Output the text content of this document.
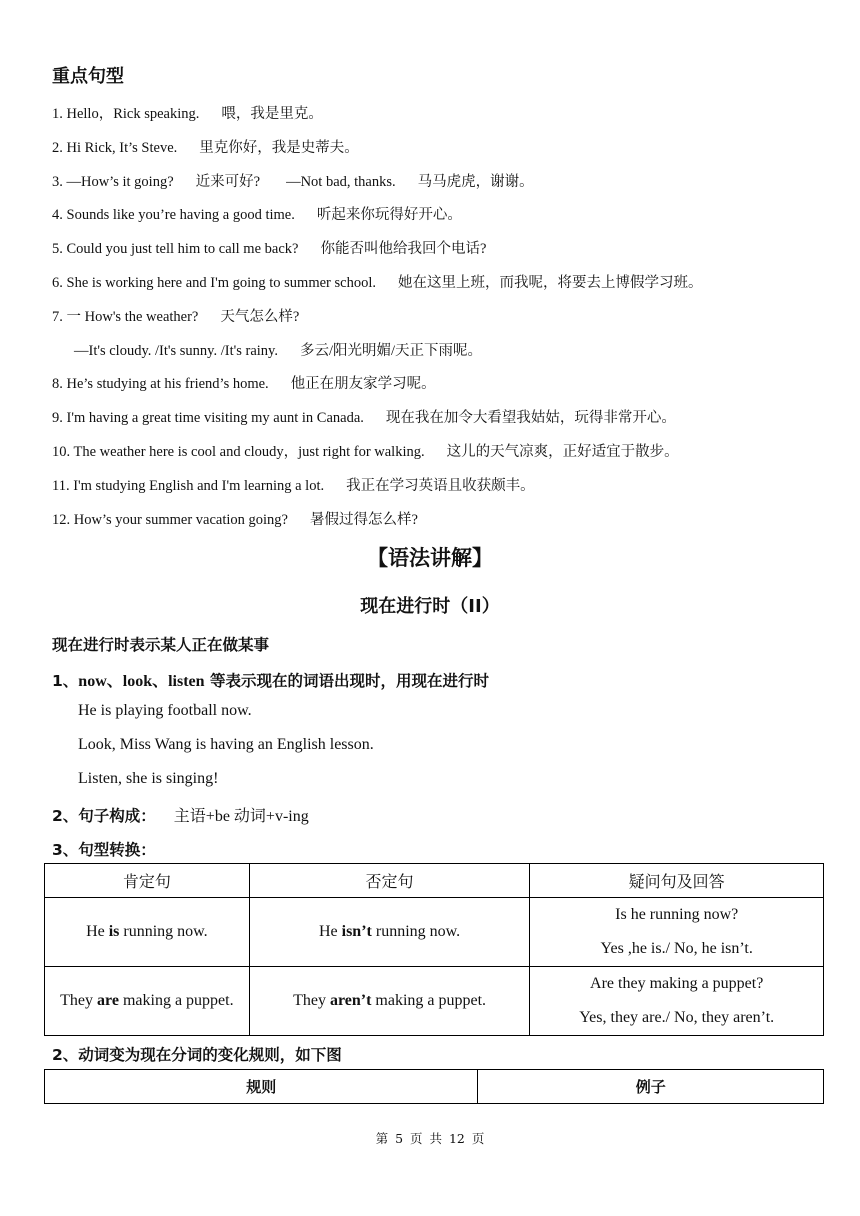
重点句型
1. Hello，Rick speaking. 喂，我是里克。
2. Hi Rick, It’s Steve. 里克你好，我是史蒂夫。
3. —How’s it going? 近来可好? —Not bad, thanks. 马马虎虎，谢谢。
4. Sounds like you’re having a good time. 听起来你玩得好开心。
5. Could you just tell him to call me back? 你能否叫他给我回个电话?
6. She is working here and I'm going to summer school. 她在这里上班，而我呢，将要去上博假学习班。
7. 一 How's the weather? 天气怎么样?
—It's cloudy. /It's sunny. /It's rainy. 多云/阳光明媚/天正下雨呢。
8. He’s studying at his friend’s home. 他正在朋友家学习呢。
9. I'm having a great time visiting my aunt in Canada. 现在我在加令大看望我姑姑，玩得非常开心。
10. The weather here is cool and cloudy，just right for walking. 这儿的天气凉爽，正好适宜于散步。
11. I'm studying English and I'm learning a lot. 我正在学习英语且收获颇丰。
12. How’s your summer vacation going? 暑假过得怎么样?
【语法讲解】
现在进行时（II）
现在进行时表示某人正在做某事
1、now、look、listen 等表示现在的词语出现时，用现在进行时
He is playing football now.
Look, Miss Wang is having an English lesson.
Listen, she is singing!
2、句子构成： 主语+be 动词+v-ing
3、句型转换：
肯定句	否定句	疑问句及回答
He is running now.	He isn’t running now.	Is he running now?
Yes ,he is./ No, he isn’t.

They are making a puppet.	They aren’t making a puppet.	Are they making a puppet?
Yes, they are./ No, they aren’t.
2、动词变为现在分词的变化规则，如下图
规则	例子
第 5 页 共 12 页
